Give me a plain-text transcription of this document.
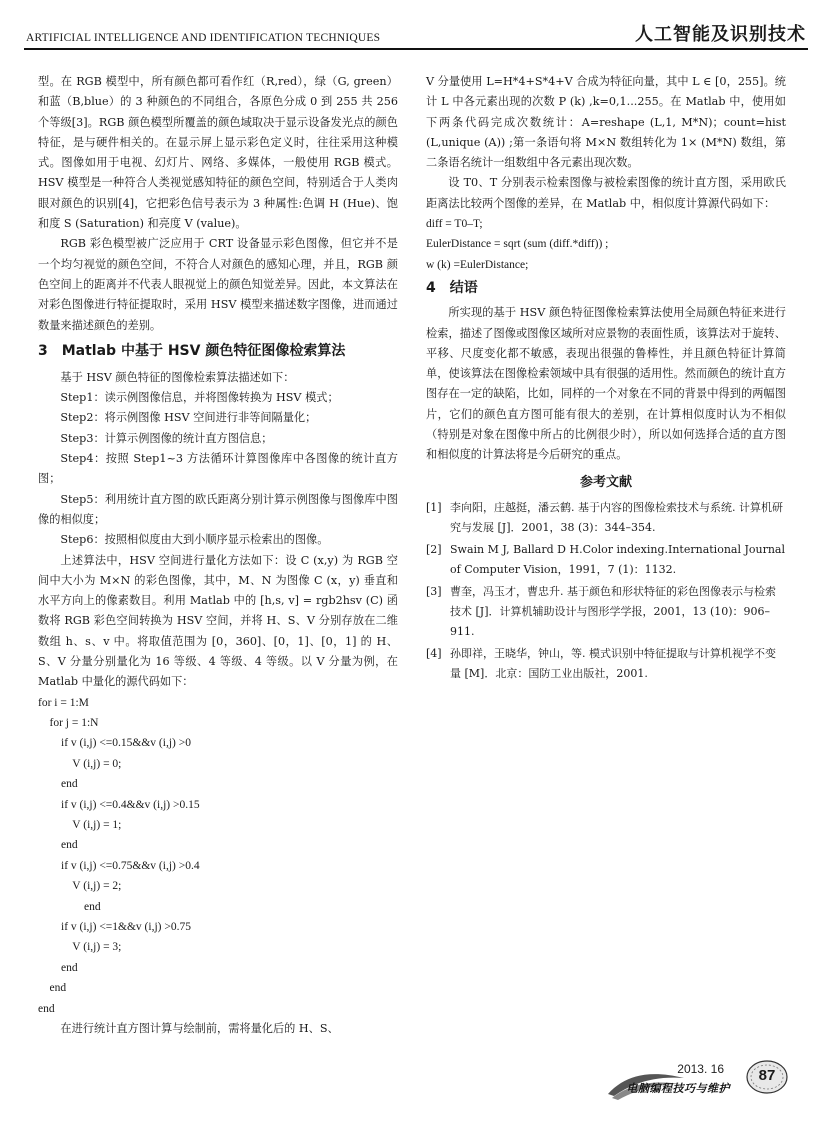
ARTIFICIAL INTELLIGENCE AND IDENTIFICATION TECHNIQUES	人工智能及识别技术

型。在 RGB 模型中，所有颜色都可看作红（R,red），绿（G, green）和蓝（B,blue）的 3 种颜色的不同组合，各原色分成 0 到 255 共 256 个等级[3]。RGB 颜色模型所覆盖的颜色域取决于显示设备发光点的颜色特征，是与硬件相关的。在显示屏上显示彩色定义时，往往采用这种模式。图像如用于电视、幻灯片、网络、多媒体，一般使用 RGB 模式。HSV 模型是一种符合人类视觉感知特征的颜色空间，特别适合于人类肉眼对颜色的识别[4]，它把彩色信号表示为 3 种属性:色调 H (Hue)、饱和度 S (Saturation) 和亮度 V (value)。

RGB 彩色模型被广泛应用于 CRT 设备显示彩色图像，但它并不是一个均匀视觉的颜色空间，不符合人对颜色的感知心理，并且，RGB 颜色空间上的距离并不代表人眼视觉上的颜色知觉差异。因此，本文算法在对彩色图像进行特征提取时，采用 HSV 模型来描述数字图像，进而通过数量来描述颜色的差别。

3　Matlab 中基于 HSV 颜色特征图像检索算法

基于 HSV 颜色特征的图像检索算法描述如下：

Step1：读示例图像信息，并将图像转换为 HSV 模式；

Step2：将示例图像 HSV 空间进行非等间隔量化；

Step3：计算示例图像的统计直方图信息；

Step4：按照 Step1~3 方法循环计算图像库中各图像的统计直方图；

Step5：利用统计直方图的欧氏距离分别计算示例图像与图像库中图像的相似度；

Step6：按照相似度由大到小顺序显示检索出的图像。

上述算法中，HSV 空间进行量化方法如下：设 C (x,y) 为 RGB 空间中大小为 M×N 的彩色图像，其中，M、N 为图像 C (x，y) 垂直和水平方向上的像素数目。利用 Matlab 中的 [h,s, v] = rgb2hsv (C) 函数将 RGB 彩色空间转换为 HSV 空间，并将 H、S、V 分别存放在二维数组 h、s、v 中。将取值范围为 [0，360]、[0，1]、[0，1] 的 H、S、V 分量分别量化为 16 等级、4 等级、4 等级。以 V 分量为例，在 Matlab 中量化的源代码如下：

for i = 1:M
for j = 1:N
if v (i,j) <=0.15&&v (i,j) >0
V (i,j) = 0;
end
if v (i,j) <=0.4&&v (i,j) >0.15
V (i,j) = 1;
end
if v (i,j) <=0.75&&v (i,j) >0.4
V (i,j) = 2;
end
if v (i,j) <=1&&v (i,j) >0.75
V (i,j) = 3;
end
end
end

在进行统计直方图计算与绘制前，需将量化后的 H、S、

V 分量使用 L=H*4+S*4+V 合成为特征向量，其中 L ∈ [0，255]。统计 L 中各元素出现的次数 P (k) ,k=0,1...255。在 Matlab 中，使用如下两条代码完成次数统计：A=reshape (L,1, M*N)；count=hist (L,unique (A)) ;第一条语句将 M×N 数组转化为 1× (M*N) 数组，第二条语名统计一组数组中各元素出现次数。

设 T0、T 分别表示检索图像与被检索图像的统计直方图，采用欧氏距离法比较两个图像的差异，在 Matlab 中，相似度计算源代码如下：

diff = T0–T;
EulerDistance = sqrt (sum (diff.*diff)) ;
w (k) =EulerDistance;
4　结语

所实现的基于 HSV 颜色特征图像检索算法使用全局颜色特征来进行检索，描述了图像或图像区域所对应景物的表面性质，该算法对于旋转、平移、尺度变化都不敏感，表现出很强的鲁棒性，并且颜色特征计算简单，使该算法在图像检索领域中具有很强的适用性。然而颜色的统计直方图存在一定的缺陷，比如，同样的一个对象在不同的背景中得到的两幅图片，它们的颜色直方图可能有很大的差别，在计算相似度时认为不相似（特别是对象在图像中所占的比例很少时），所以如何选择合适的直方图和相似度的计算法将是今后研究的重点。

参考文献
[1] 李向阳，庄越挺，潘云鹤. 基于内容的图像检索技术与系统. 计算机研究与发展 [J]．2001，38 (3)：344–354.
[2] Swain M J, Ballard D H.Color indexing.International Journal of Computer Vision，1991，7 (1)：1132.
[3] 曹奎，冯玉才，曹忠升. 基于颜色和形状特征的彩色图像表示与检索技术 [J]．计算机辅助设计与图形学学报，2001，13 (10)：906–911.
[4] 孙即祥，王晓华，钟山，等. 模式识别中特征提取与计算机视学不变量 [M]．北京：国防工业出版社，2001.
2013. 16
电脑编程技巧与维护
87
